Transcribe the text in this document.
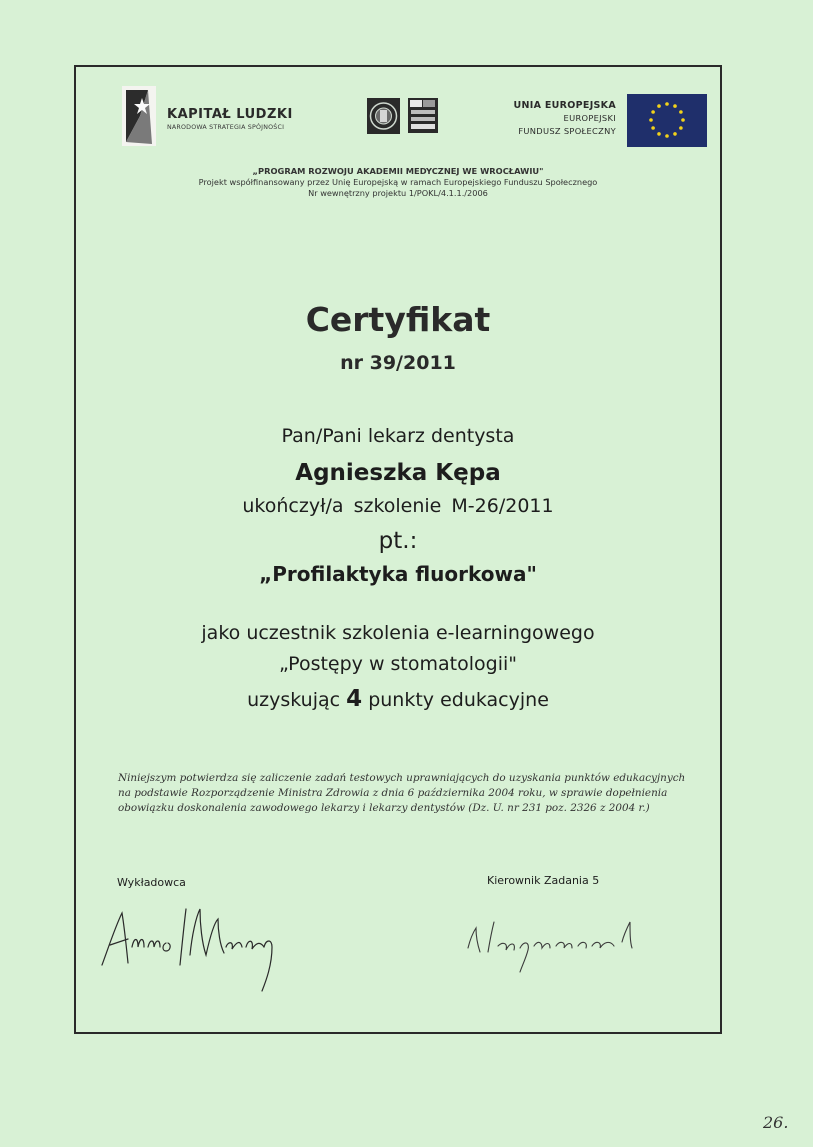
KAPITAŁ LUDZKI
NARODOWA STRATEGIA SPÓJNOŚCI
UNIA EUROPEJSKA
EUROPEJSKI
FUNDUSZ SPOŁECZNY
„PROGRAM ROZWOJU AKADEMII MEDYCZNEJ WE WROCŁAWIU"
Projekt współfinansowany przez Unię Europejską w ramach Europejskiego Funduszu Społecznego
Nr wewnętrzny projektu 1/POKL/4.1.1./2006
Certyfikat
nr 39/2011
Pan/Pani lekarz dentysta
Agnieszka Kępa
ukończył/a szkolenie M-26/2011
pt.:
„Profilaktyka fluorkowa"
jako uczestnik szkolenia e-learningowego
„Postępy w stomatologii"
uzyskując 4 punkty edukacyjne
Niniejszym potwierdza się zaliczenie zadań testowych uprawniających do uzyskania punktów edukacyjnych na podstawie Rozporządzenie Ministra Zdrowia z dnia 6 października 2004 roku, w sprawie dopełnienia obowiązku doskonalenia zawodowego lekarzy i lekarzy dentystów (Dz. U. nr 231 poz. 2326 z 2004 r.)
Wykładowca	Kierownik Zadania 5
26.
